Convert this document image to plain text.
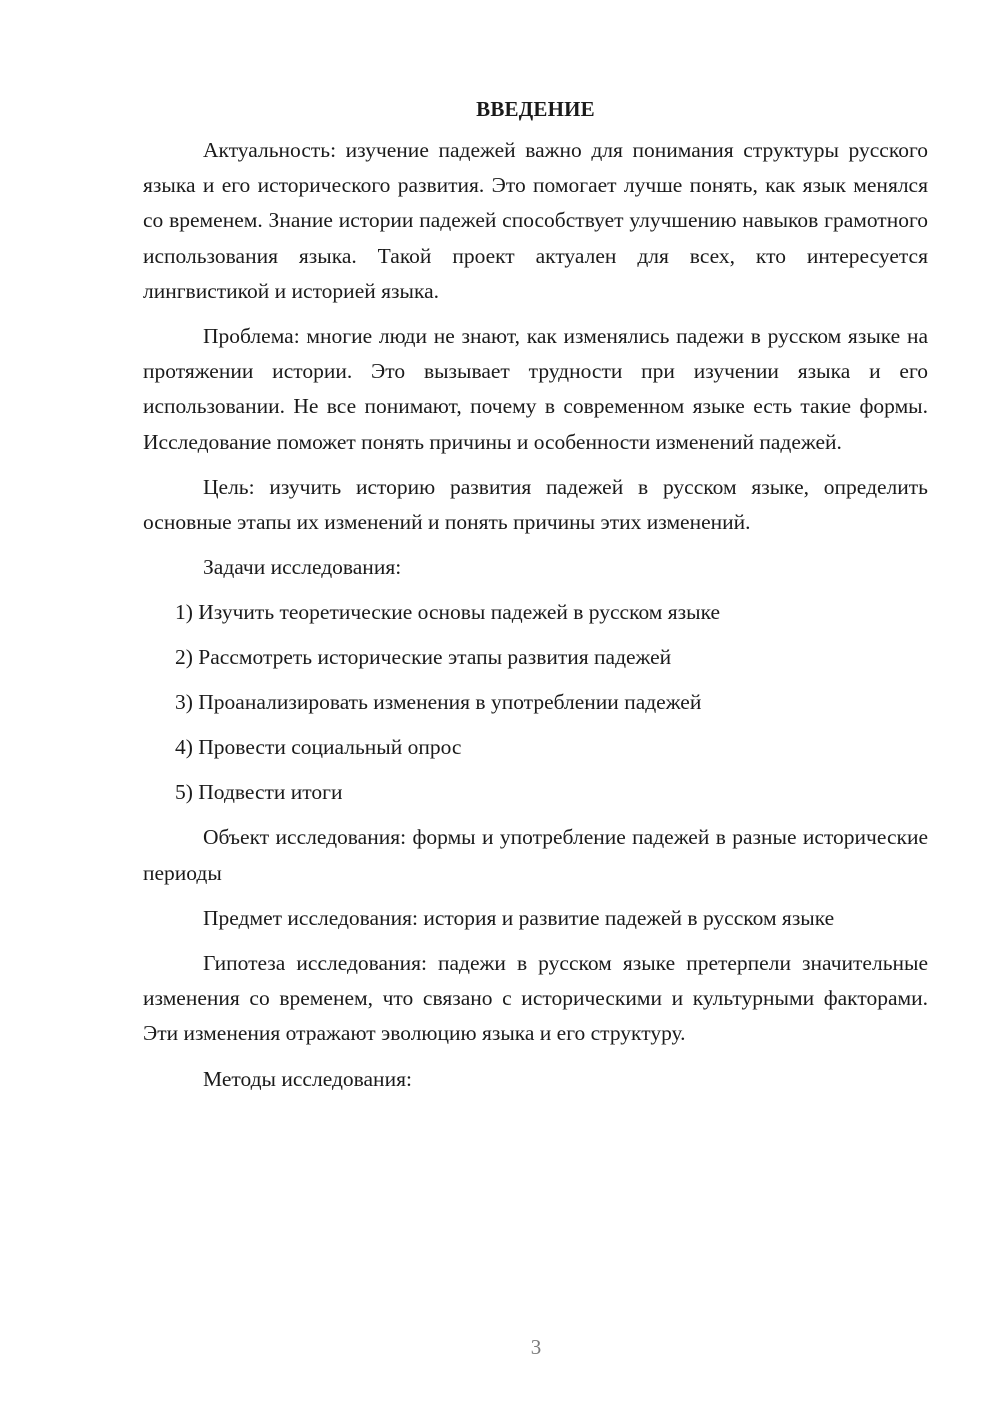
ВВЕДЕНИЕ

Актуальность: изучение падежей важно для понимания структуры русского языка и его исторического развития. Это помогает лучше понять, как язык менялся со временем. Знание истории падежей способствует улучшению навыков грамотного использования языка. Такой проект актуален для всех, кто интересуется лингвистикой и историей языка.

Проблема: многие люди не знают, как изменялись падежи в русском языке на протяжении истории. Это вызывает трудности при изучении языка и его использовании. Не все понимают, почему в современном языке есть такие формы. Исследование поможет понять причины и особенности изменений падежей.

Цель: изучить историю развития падежей в русском языке, определить основные этапы их изменений и понять причины этих изменений.

Задачи исследования:

1) Изучить теоретические основы падежей в русском языке
2) Рассмотреть исторические этапы развития падежей
3) Проанализировать изменения в употреблении падежей
4) Провести социальный опрос
5) Подвести итоги

Объект исследования: формы и употребление падежей в разные исторические периоды

Предмет исследования: история и развитие падежей в русском языке

Гипотеза исследования: падежи в русском языке претерпели значительные изменения со временем, что связано с историческими и культурными факторами. Эти изменения отражают эволюцию языка и его структуру.

Методы исследования:

3
